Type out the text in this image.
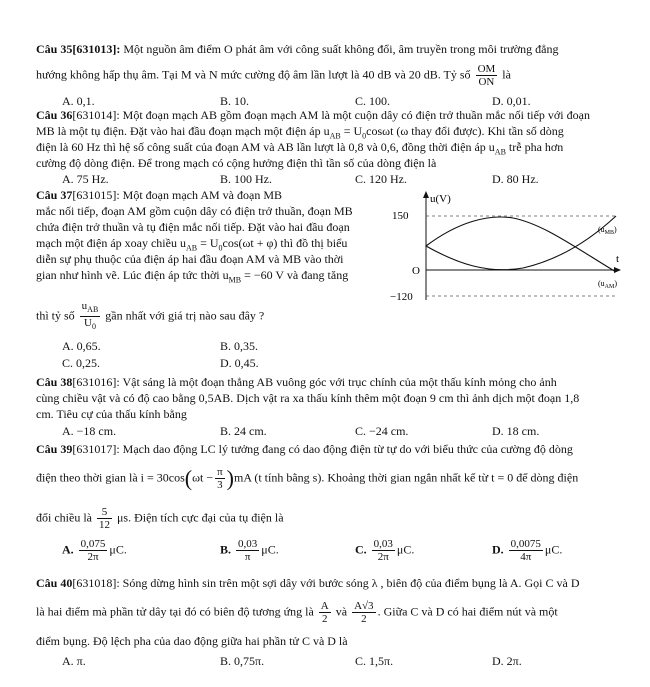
Câu 35[631013]: Một nguồn âm điểm O phát âm với công suất không đổi, âm truyền trong môi trường đẳng
hướng không hấp thụ âm. Tại M và N mức cường độ âm lần lượt là 40 dB và 20 dB. Tỷ số $\frac{OM}{ON}$ là
A. 0,1.	B. 10.	C. 100.	D. 0,01.
Câu 36[631014]: Một đoạn mạch AB gồm đoạn mạch AM là một cuộn dây có điện trở thuần mắc nối tiếp với đoạn
MB là một tụ điện. Đặt vào hai đầu đoạn mạch một điện áp $u_{AB} = U_0\cos\omega t$ (ω thay đổi được). Khi tần số dòng
điện là 60 Hz thì hệ số công suất của đoạn AM và AB lần lượt là 0,8 và 0,6, đồng thời điện áp $u_{AB}$ trễ pha hơn
cường độ dòng điện. Để trong mạch có cộng hưởng điện thì tần số của dòng điện là
A. 75 Hz.	B. 100 Hz.	C. 120 Hz.	D. 80 Hz.
Câu 37[631015]: Một đoạn mạch AM và đoạn MB
mắc nối tiếp, đoạn AM gồm cuộn dây có điện trở thuần, đoạn MB
chứa điện trở thuần và tụ điện mắc nối tiếp. Đặt vào hai đầu đoạn
mạch một điện áp xoay chiều $u_{AB} = U_0\cos(\omega t + \varphi)$ thì đồ thị biểu
diễn sự phụ thuộc của điện áp hai đầu đoạn AM và MB vào thời
gian như hình vẽ. Lúc điện áp tức thời $u_{MB} = -60$ V và đang tăng
thì tỷ số $\frac{u_{AB}}{U_0}$ gần nhất với giá trị nào sau đây ?
A. 0,65.	B. 0,35.
C. 0,25.	D. 0,45.
u(V)
150
O
−120
t
$(u_{MB})$
$(u_{AM})$
Câu 38[631016]: Vật sáng là một đoạn thẳng AB vuông góc với trục chính của một thấu kính mỏng cho ảnh
cùng chiều vật và có độ cao bằng 0,5AB. Dịch vật ra xa thấu kính thêm một đoạn 9 cm thì ảnh dịch một đoạn 1,8
cm. Tiêu cự của thấu kính bằng
A. −18 cm.	B. 24 cm.	C. −24 cm.	D. 18 cm.
Câu 39[631017]: Mạch dao động LC lý tưởng đang có dao động điện từ tự do với biểu thức của cường độ dòng
điện theo thời gian là $i = 30\cos(\omega t - \frac{\pi}{3} )mA$ (t tính bằng s). Khoảng thời gian ngắn nhất kể từ t = 0 để dòng điện
đổi chiều là $\frac{5}{12} \mu s$. Điện tích cực đại của tụ điện là
A. $\frac{0,075}{2\pi} \mu C$.	B. $\frac{0,03}{\pi} \mu C$.	C. $\frac{0,03}{2\pi} \mu C$.	D. $\frac{0,0075}{4\pi} \mu C$.
Câu 40[631018]: Sóng dừng hình sin trên một sợi dây với bước sóng λ , biên độ của điểm bụng là A. Gọi C và D
là hai điểm mà phần tử dây tại đó có biên độ tương ứng là $\frac{A}{2}$ và $\frac{A√3}{2}$ . Giữa C và D có hai điểm nút và một
điểm bụng. Độ lệch pha của dao động giữa hai phần tử C và D là
A. π.	B. 0,75π.	C. 1,5π.	D. 2π.
